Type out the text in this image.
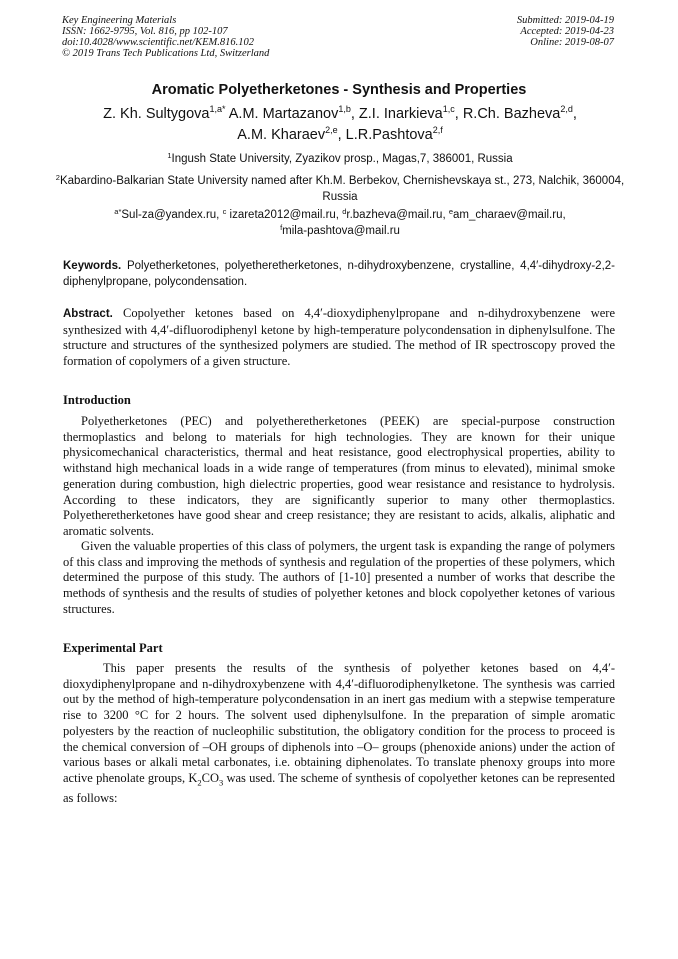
Key Engineering Materials
ISSN: 1662-9795, Vol. 816, pp 102-107
doi:10.4028/www.scientific.net/KEM.816.102
© 2019 Trans Tech Publications Ltd, Switzerland
Submitted: 2019-04-19
Accepted: 2019-04-23
Online: 2019-08-07
Aromatic Polyetherketones - Synthesis and Properties
Z. Kh. Sultygova$^{1,a*}$ A.M. Martazanov$^{1,b}$, Z.I. Inarkieva$^{1,c}$, R.Ch. Bazheva$^{2,d}$,
A.M. Kharaev$^{2,e}$, L.R.Pashtova$^{2,f}$
$^1$Ingush State University, Zyazikov prosp., Magas,7, 386001, Russia
$^2$Kabardino-Balkarian State University named after Kh.M. Berbekov, Chernishevskaya st., 273, Nalchik, 360004, Russia
$^{a*}$Sul-za@yandex.ru, $^c$ izareta2012@mail.ru, $^d$r.bazheva@mail.ru, $^e$am_charaev@mail.ru,
$^f$mila-pashtova@mail.ru
Keywords. Polyetherketones, polyetheretherketones, n-dihydroxybenzene, crystalline, 4,4′-dihydroxy-2,2-diphenylpropane, polycondensation.
Abstract. Copolyether ketones based on 4,4′-dioxydiphenylpropane and n-dihydroxybenzene were synthesized with 4,4′-difluorodiphenyl ketone by high-temperature polycondensation in diphenylsulfone. The structure and structures of the synthesized polymers are studied. The method of IR spectroscopy proved the formation of copolymers of a given structure.
Introduction
Polyetherketones (PEC) and polyetheretherketones (PEEK) are special-purpose construction thermoplastics and belong to materials for high technologies. They are known for their unique physicomechanical characteristics, thermal and heat resistance, good electrophysical properties, ability to withstand high mechanical loads in a wide range of temperatures (from minus to elevated), minimal smoke generation during combustion, high dielectric properties, good wear resistance and resistance to hydrolysis. According to these indicators, they are significantly superior to many other thermoplastics. Polyetheretherketones have good shear and creep resistance; they are resistant to acids, alkalis, aliphatic and aromatic solvents.
Given the valuable properties of this class of polymers, the urgent task is expanding the range of polymers of this class and improving the methods of synthesis and regulation of the properties of these polymers, which determined the purpose of this study. The authors of [1-10] presented a number of works that describe the methods of synthesis and the results of studies of polyether ketones and block copolyether ketones of various structures.
Experimental Part
This paper presents the results of the synthesis of polyether ketones based on 4,4′-dioxydiphenylpropane and n-dihydroxybenzene with 4,4′-difluorodiphenylketone. The synthesis was carried out by the method of high-temperature polycondensation in an inert gas medium with a stepwise temperature rise to 3200 °C for 2 hours. The solvent used diphenylsulfone. In the preparation of simple aromatic polyesters by the reaction of nucleophilic substitution, the obligatory condition for the process to proceed is the chemical conversion of –OH groups of diphenols into –O– groups (phenoxide anions) under the action of various bases or alkali metal carbonates, i.e. obtaining diphenolates. To translate phenoxy groups into more active phenolate groups, $K_2CO_3$ was used. The scheme of synthesis of copolyether ketones can be represented as follows:
